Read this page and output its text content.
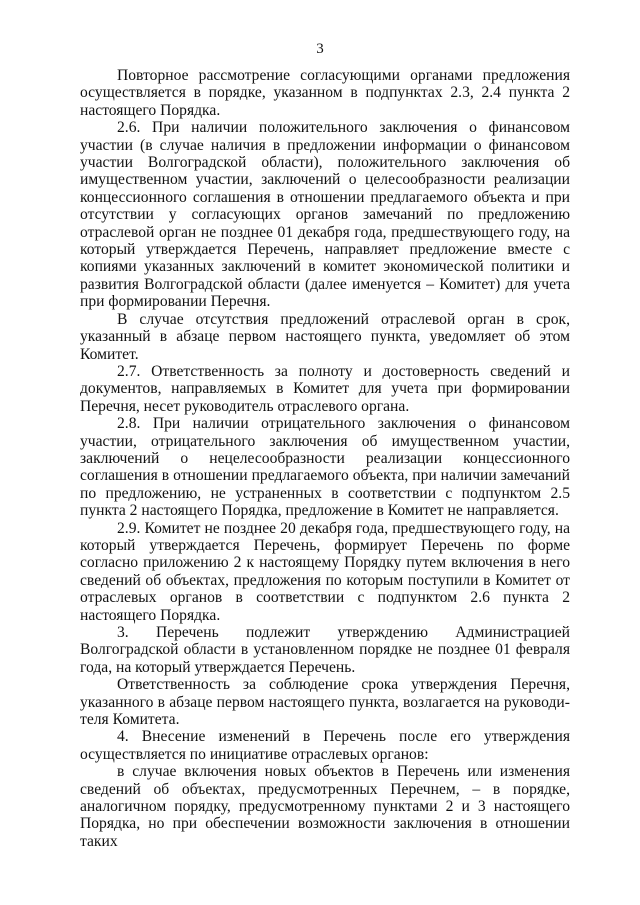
3

Повторное рассмотрение согласующими органами предложения осуществляется в порядке, указанном в подпунктах 2.3, 2.4 пункта 2 настоящего Порядка.

2.6. При наличии положительного заключения о финансовом участии (в случае наличия в предложении информации о финансовом участии Волгоградской области), положительного заключения об имущественном участии, заключений о целесообразности реализации концессионного соглашения в отношении предлагаемого объекта и при отсутствии у согласующих органов замечаний по предложению отраслевой орган не позднее 01 декабря года, предшествующего году, на который утверждается Перечень, направляет предложение вместе с копиями указанных заключений в комитет экономической политики и развития Волгоградской области (далее именуется – Комитет) для учета при формировании Перечня.

В случае отсутствия предложений отраслевой орган в срок, указанный в абзаце первом настоящего пункта, уведомляет об этом Комитет.

2.7. Ответственность за полноту и достоверность сведений и документов, направляемых в Комитет для учета при формировании Перечня, несет руководитель отраслевого органа.

2.8. При наличии отрицательного заключения о финансовом участии, отрицательного заключения об имущественном участии, заключений о нецелесообразности реализации концессионного соглашения в отношении предлагаемого объекта, при наличии замечаний по предложению, не устраненных в соответствии с подпунктом 2.5 пункта 2 настоящего Порядка, предложение в Комитет не направляется.

2.9. Комитет не позднее 20 декабря года, предшествующего году, на который утверждается Перечень, формирует Перечень по форме согласно приложению 2 к настоящему Порядку путем включения в него сведений об объектах, предложения по которым поступили в Комитет от отраслевых органов в соответствии с подпунктом 2.6 пункта 2 настоящего Порядка.

3. Перечень подлежит утверждению Администрацией Волгоградской области в установленном порядке не позднее 01 февраля года, на который утверждается Перечень.

Ответственность за соблюдение срока утверждения Перечня, указанного в абзаце первом настоящего пункта, возлагается на руководителя Комитета.

4. Внесение изменений в Перечень после его утверждения осуществляется по инициативе отраслевых органов:

в случае включения новых объектов в Перечень или изменения сведений об объектах, предусмотренных Перечнем, – в порядке, аналогичном порядку, предусмотренному пунктами 2 и 3 настоящего Порядка, но при обеспечении возможности заключения в отношении таких
